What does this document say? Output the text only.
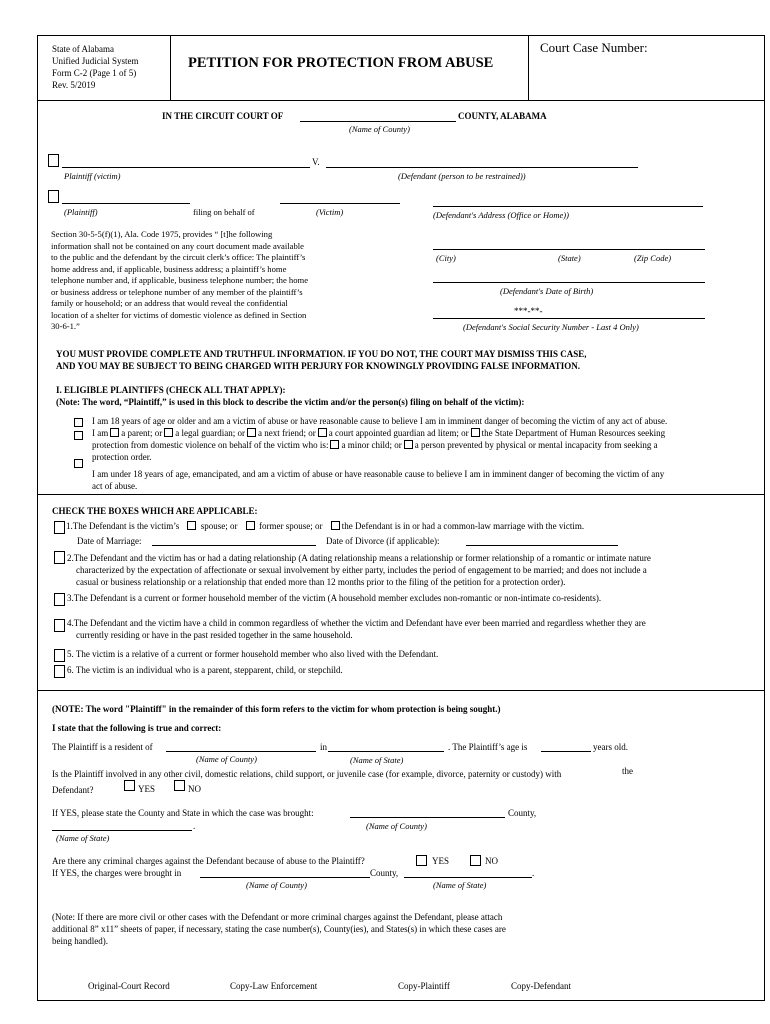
State of Alabama
Unified Judicial System
Form C-2 (Page 1 of 5)
Rev. 5/2019
PETITION FOR PROTECTION FROM ABUSE
Court Case Number:
IN THE CIRCUIT COURT OF	COUNTY, ALABAMA
(Name of County)
V.
Plaintiff (victim)	(Defendant (person to be restrained))
(Plaintiff)	filing on behalf of	(Victim)	(Defendant's Address (Office or Home))
Section 30-5-5(f)(1), Ala. Code 1975, provides “ [t]he following information shall not be contained on any court document made available to the public and the defendant by the circuit clerk’s office: The plaintiff’s home address and, if applicable, business address; a plaintiff’s home telephone number and, if applicable, business telephone number; the home or business address or telephone number of any member of the plaintiff’s family or household; or an address that would reveal the confidential location of a shelter for victims of domestic violence as defined in Section 30-6-1.”
(City)	(State)	(Zip Code)
(Defendant's Date of Birth)
***-**-
(Defendant's Social Security Number - Last 4 Only)
YOU MUST PROVIDE COMPLETE AND TRUTHFUL INFORMATION. IF YOU DO NOT, THE COURT MAY DISMISS THIS CASE,
AND YOU MAY BE SUBJECT TO BEING CHARGED WITH PERJURY FOR KNOWINGLY PROVIDING FALSE INFORMATION.
I. ELIGIBLE PLAINTIFFS (CHECK ALL THAT APPLY):
(Note: The word, “Plaintiff,” is used in this block to describe the victim and/or the person(s) filing on behalf of the victim):
I am 18 years of age or older and am a victim of abuse or have reasonable cause to believe I am in imminent danger of becoming the victim of any act of abuse.
I am a parent; or a legal guardian; or a next friend; or a court appointed guardian ad litem; or the State Department of Human Resources seeking
protection from domestic violence on behalf of the victim who is: a minor child; or a person prevented by physical or mental incapacity from seeking a
protection order.
I am under 18 years of age, emancipated, and am a victim of abuse or have reasonable cause to believe I am in imminent danger of becoming the victim of any
act of abuse.
CHECK THE BOXES WHICH ARE APPLICABLE:
1.The Defendant is the victim’s spouse; or former spouse; or the Defendant is in or had a common-law marriage with the victim.
Date of Marriage:	Date of Divorce (if applicable):
2.The Defendant and the victim has or had a dating relationship (A dating relationship means a relationship or former relationship of a romantic or intimate nature
characterized by the expectation of affectionate or sexual involvement by either party, includes the period of engagement to be married; and does not include a
casual or business relationship or a relationship that ended more than 12 months prior to the filing of the petition for a protection order).
3.The Defendant is a current or former household member of the victim (A household member excludes non-romantic or non-intimate co-residents).
4.The Defendant and the victim have a child in common regardless of whether the victim and Defendant have ever been married and regardless whether they are
currently residing or have in the past resided together in the same household.
5. The victim is a relative of a current or former household member who also lived with the Defendant.
6. The victim is an individual who is a parent, stepparent, child, or stepchild.
(NOTE: The word "Plaintiff" in the remainder of this form refers to the victim for whom protection is being sought.)
I state that the following is true and correct:
The Plaintiff is a resident of	in	. The Plaintiff’s age is	years old.
(Name of County)	(Name of State)
Is the Plaintiff involved in any other civil, domestic relations, child support, or juvenile case (for example, divorce, paternity or custody) with	the
Defendant?	YES	NO
If YES, please state the County and State in which the case was brought:	County,
.	(Name of County)
(Name of State)
Are there any criminal charges against the Defendant because of abuse to the Plaintiff?	YES	NO
If YES, the charges were brought in	County,	.
(Name of County)	(Name of State)
(Note: If there are more civil or other cases with the Defendant or more criminal charges against the Defendant, please attach
additional 8” x11” sheets of paper, if necessary, stating the case number(s), County(ies), and States(s) in which these cases are
being handled).
Original-Court Record	Copy-Law Enforcement	Copy-Plaintiff	Copy-Defendant
